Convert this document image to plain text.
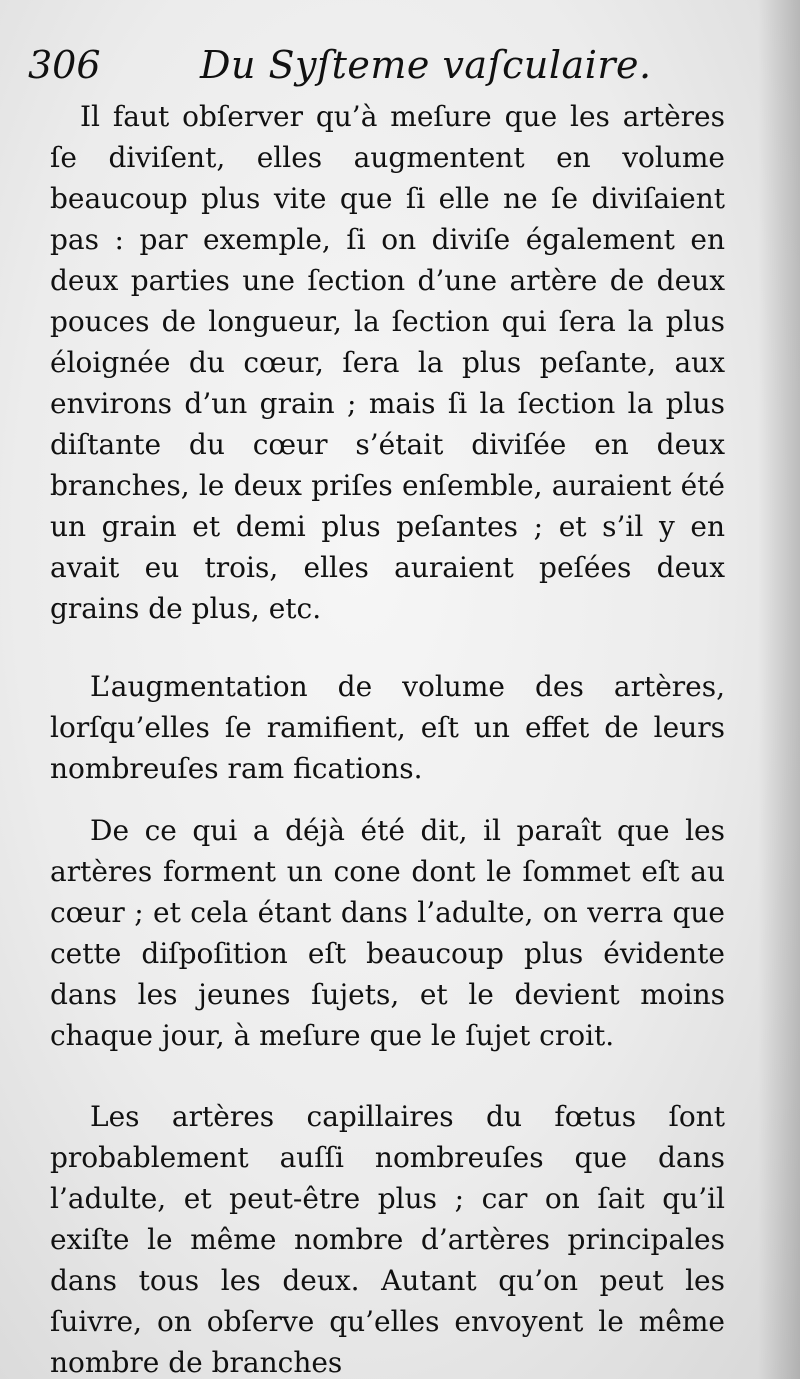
306	Du Syſteme vaſculaire.

Il faut obſerver qu’à meſure que les artères ſe diviſent, elles augmentent en volume beaucoup plus vite que ſi elle ne ſe diviſaient pas : par exemple, ſi on diviſe également en deux parties une ſection d’une artère de deux pouces de longueur, la ſection qui ſera la plus éloignée du cœur, ſera la plus peſante, aux environs d’un grain ; mais ſi la ſection la plus diſtante du cœur s’était diviſée en deux branches, le deux priſes enſemble, auraient été un grain et demi plus peſantes ; et s’il y en avait eu trois, elles auraient peſées deux grains de plus, etc.

L’augmentation de volume des artères, lorſqu’elles ſe ramifient, eſt un effet de leurs nombreuſes ram fications.

De ce qui a déjà été dit, il paraît que les artères forment un cone dont le ſommet eſt au cœur ; et cela étant dans l’adulte, on verra que cette diſpoſition eſt beaucoup plus évidente dans les jeunes ſujets, et le devient moins chaque jour, à meſure que le ſujet croit.

Les artères capillaires du fœtus ſont probablement auſſi nombreuſes que dans l’adulte, et peut-être plus ; car on ſait qu’il exiſte le même nombre d’artères principales dans tous les deux. Autant qu’on peut les ſuivre, on obſerve qu’elles envoyent le même nombre de branches
